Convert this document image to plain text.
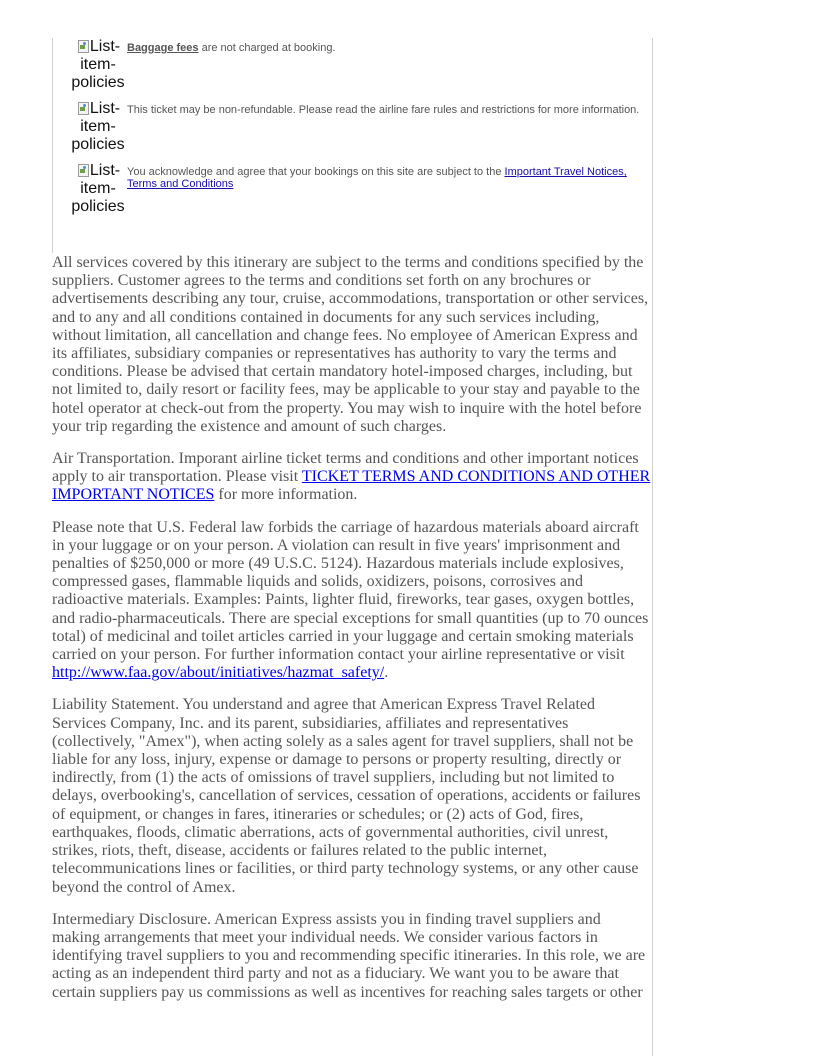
List-item-policies
Baggage fees are not charged at booking.
List-item-policies
This ticket may be non-refundable. Please read the airline fare rules and restrictions for more information.
List-item-policies
You acknowledge and agree that your bookings on this site are subject to the Important Travel Notices, Terms and Conditions

All services covered by this itinerary are subject to the terms and conditions specified by the suppliers. Customer agrees to the terms and conditions set forth on any brochures or advertisements describing any tour, cruise, accommodations, transportation or other services, and to any and all conditions contained in documents for any such services including, without limitation, all cancellation and change fees. No employee of American Express and its affiliates, subsidiary companies or representatives has authority to vary the terms and conditions. Please be advised that certain mandatory hotel-imposed charges, including, but not limited to, daily resort or facility fees, may be applicable to your stay and payable to the hotel operator at check-out from the property. You may wish to inquire with the hotel before your trip regarding the existence and amount of such charges.

Air Transportation. Imporant airline ticket terms and conditions and other important notices apply to air transportation. Please visit TICKET TERMS AND CONDITIONS AND OTHER IMPORTANT NOTICES for more information.

Please note that U.S. Federal law forbids the carriage of hazardous materials aboard aircraft in your luggage or on your person. A violation can result in five years' imprisonment and penalties of $250,000 or more (49 U.S.C. 5124). Hazardous materials include explosives, compressed gases, flammable liquids and solids, oxidizers, poisons, corrosives and radioactive materials. Examples: Paints, lighter fluid, fireworks, tear gases, oxygen bottles, and radio-pharmaceuticals. There are special exceptions for small quantities (up to 70 ounces total) of medicinal and toilet articles carried in your luggage and certain smoking materials carried on your person. For further information contact your airline representative or visit http://www.faa.gov/about/initiatives/hazmat_safety/.

Liability Statement. You understand and agree that American Express Travel Related Services Company, Inc. and its parent, subsidiaries, affiliates and representatives (collectively, "Amex"), when acting solely as a sales agent for travel suppliers, shall not be liable for any loss, injury, expense or damage to persons or property resulting, directly or indirectly, from (1) the acts of omissions of travel suppliers, including but not limited to delays, overbooking's, cancellation of services, cessation of operations, accidents or failures of equipment, or changes in fares, itineraries or schedules; or (2) acts of God, fires, earthquakes, floods, climatic aberrations, acts of governmental authorities, civil unrest, strikes, riots, theft, disease, accidents or failures related to the public internet, telecommunications lines or facilities, or third party technology systems, or any other cause beyond the control of Amex.

Intermediary Disclosure. American Express assists you in finding travel suppliers and making arrangements that meet your individual needs. We consider various factors in identifying travel suppliers to you and recommending specific itineraries. In this role, we are acting as an independent third party and not as a fiduciary. We want you to be aware that certain suppliers pay us commissions as well as incentives for reaching sales targets or other
